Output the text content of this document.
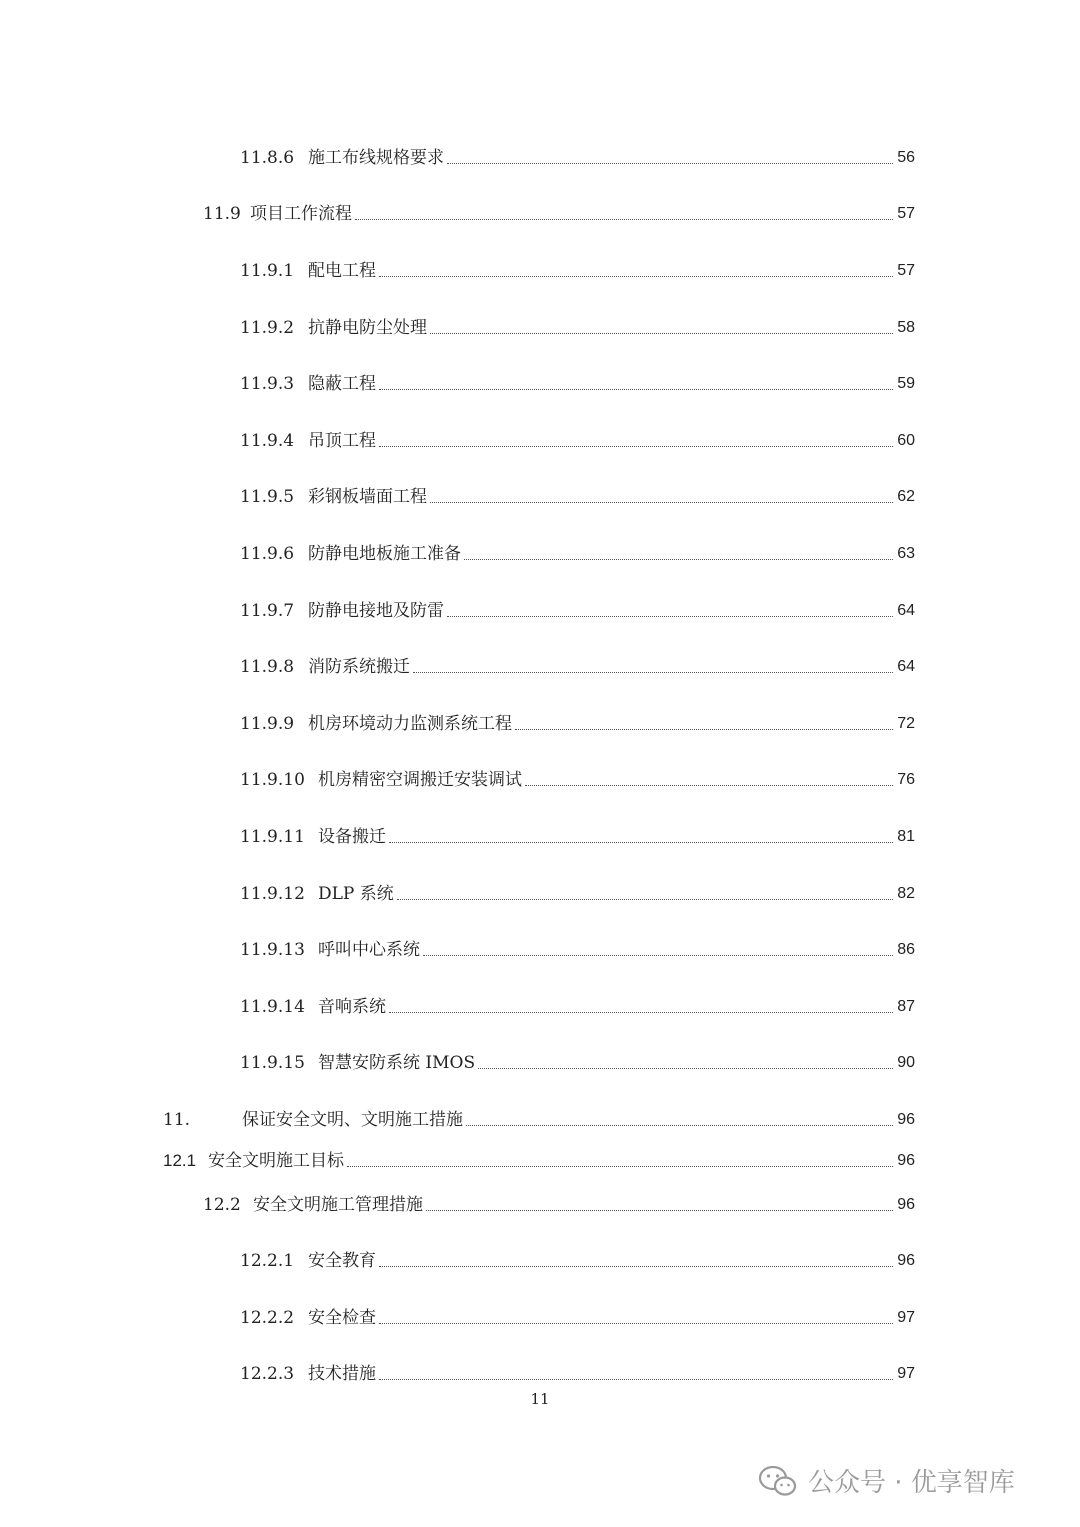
11.8.6 施工布线规格要求	56
11.9 项目工作流程	57
11.9.1 配电工程	57
11.9.2 抗静电防尘处理	58
11.9.3 隐蔽工程	59
11.9.4 吊顶工程	60
11.9.5 彩钢板墙面工程	62
11.9.6 防静电地板施工准备	63
11.9.7 防静电接地及防雷	64
11.9.8 消防系统搬迁	64
11.9.9 机房环境动力监测系统工程	72
11.9.10 机房精密空调搬迁安装调试	76
11.9.11 设备搬迁	81
11.9.12 DLP 系统	82
11.9.13 呼叫中心系统	86
11.9.14 音响系统	87
11.9.15 智慧安防系统 IMOS	90
11.	保证安全文明、文明施工措施	96
12.1 安全文明施工目标	96
12.2 安全文明施工管理措施	96
12.2.1 安全教育	96
12.2.2 安全检查	97
12.2.3 技术措施	97
11
公众号 · 优享智库
